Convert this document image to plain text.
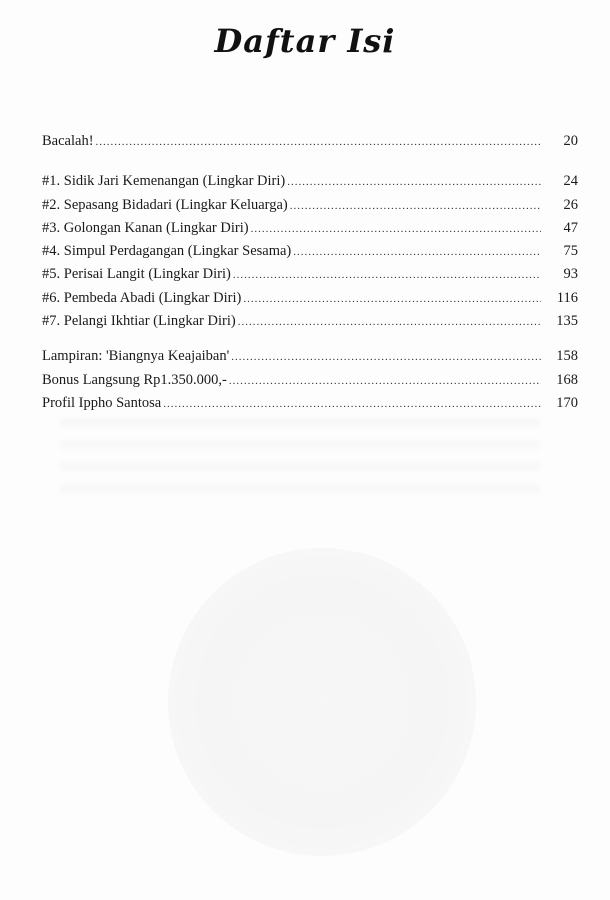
Daftar Isi
Bacalah! .....	20
#1. Sidik Jari Kemenangan (Lingkar Diri) .....	24
#2. Sepasang Bidadari (Lingkar Keluarga) .....	26
#3. Golongan Kanan (Lingkar Diri) .....	47
#4. Simpul Perdagangan (Lingkar Sesama) .....	75
#5. Perisai Langit (Lingkar Diri) .....	93
#6. Pembeda Abadi (Lingkar Diri) .....	116
#7. Pelangi Ikhtiar (Lingkar Diri) .....	135
Lampiran: 'Biangnya Keajaiban' .....	158
Bonus Langsung Rp1.350.000,- .....	168
Profil Ippho Santosa .....	170
